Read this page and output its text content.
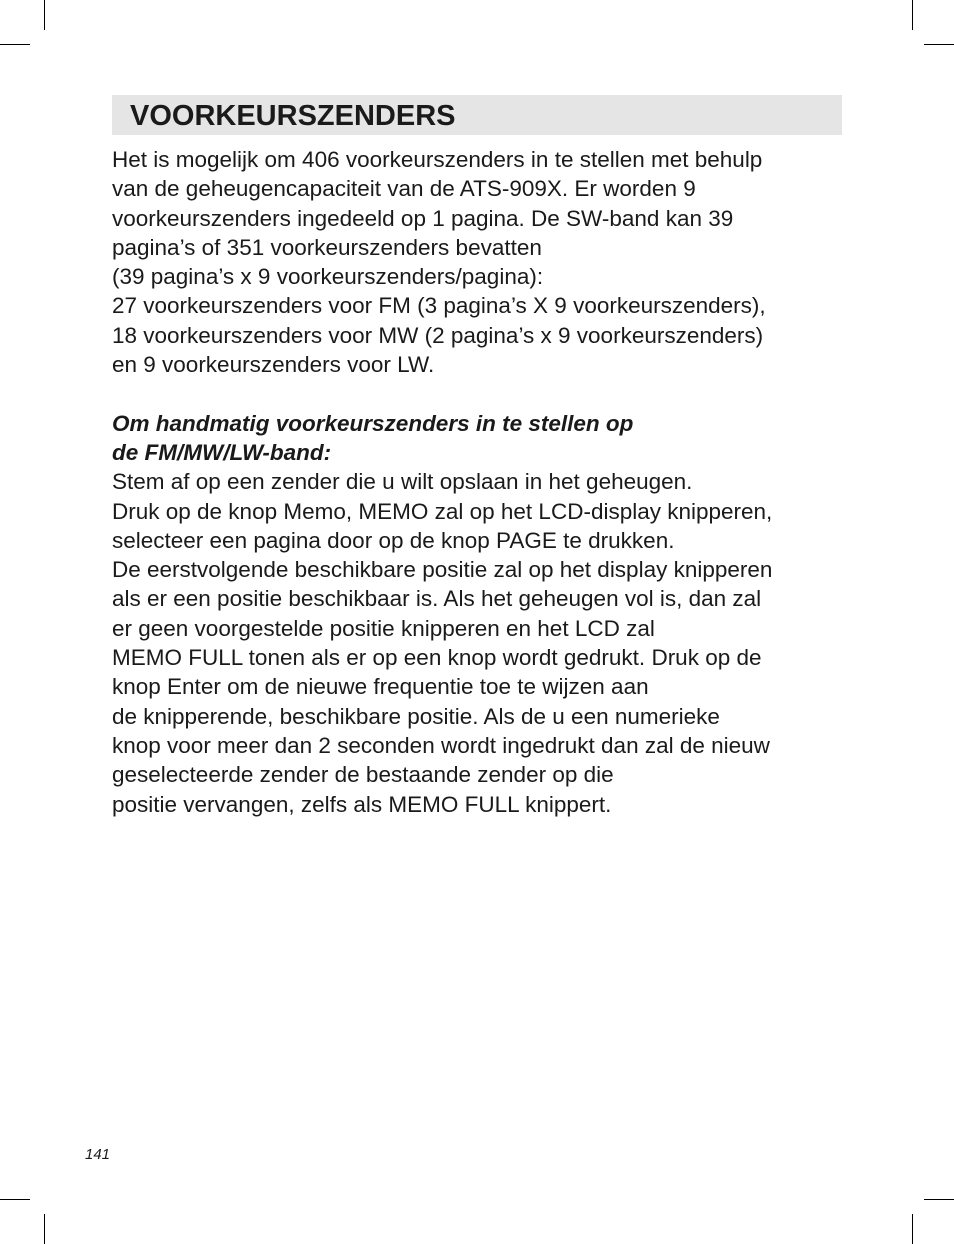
VOORKEURSZENDERS
Het is mogelijk om 406 voorkeurszenders in te stellen met behulp
van de geheugencapaciteit van de ATS-909X. Er worden 9
voorkeurszenders ingedeeld op 1 pagina. De SW-band kan 39
pagina’s of 351 voorkeurszenders bevatten
(39 pagina’s x 9 voorkeurszenders/pagina):
27 voorkeurszenders voor FM (3 pagina’s X 9 voorkeurszenders),
18 voorkeurszenders voor MW (2 pagina’s x 9 voorkeurszenders)
en 9 voorkeurszenders voor LW.
Om handmatig voorkeurszenders in te stellen op
de FM/MW/LW-band:
Stem af op een zender die u wilt opslaan in het geheugen.
Druk op de knop Memo, MEMO zal op het LCD-display knipperen,
selecteer een pagina door op de knop PAGE te drukken.
De eerstvolgende beschikbare positie zal op het display knipperen
als er een positie beschikbaar is. Als het geheugen vol is, dan zal
er geen voorgestelde positie knipperen en het LCD zal
MEMO FULL tonen als er op een knop wordt gedrukt. Druk op de
knop Enter om de nieuwe frequentie toe te wijzen aan
de knipperende, beschikbare positie. Als de u een numerieke
knop voor meer dan 2 seconden wordt ingedrukt dan zal de nieuw
geselecteerde zender de bestaande zender op die
positie vervangen, zelfs als MEMO FULL knippert.
141
